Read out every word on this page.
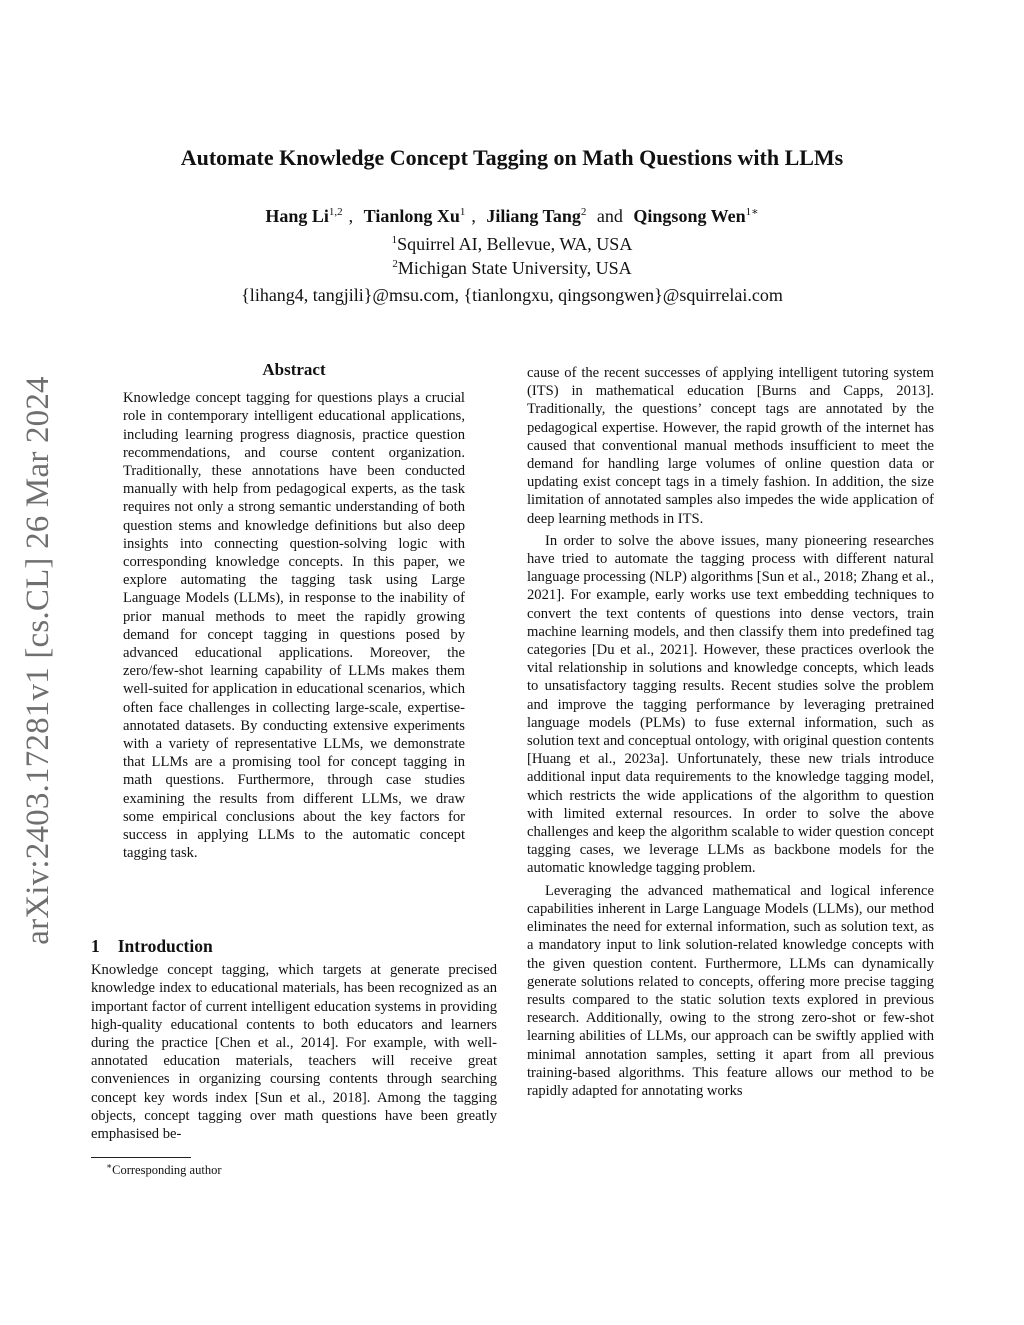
arXiv:2403.17281v1 [cs.CL] 26 Mar 2024
Automate Knowledge Concept Tagging on Math Questions with LLMs
Hang Li$^{1,2}$ , Tianlong Xu$^1$ , Jiliang Tang$^2$ and Qingsong Wen$^{1∗}$
$^1$Squirrel AI, Bellevue, WA, USA
$^2$Michigan State University, USA
{lihang4, tangjili}@msu.com, {tianlongxu, qingsongwen}@squirrelai.com
Abstract

Knowledge concept tagging for questions plays a crucial role in contemporary intelligent educational applications, including learning progress diagnosis, practice question recommendations, and course content organization. Traditionally, these annotations have been conducted manually with help from pedagogical experts, as the task requires not only a strong semantic understanding of both question stems and knowledge definitions but also deep insights into connecting question-solving logic with corresponding knowledge concepts. In this paper, we explore automating the tagging task using Large Language Models (LLMs), in response to the inability of prior manual methods to meet the rapidly growing demand for concept tagging in questions posed by advanced educational applications. Moreover, the zero/few-shot learning capability of LLMs makes them well-suited for application in educational scenarios, which often face challenges in collecting large-scale, expertise-annotated datasets. By conducting extensive experiments with a variety of representative LLMs, we demonstrate that LLMs are a promising tool for concept tagging in math questions. Furthermore, through case studies examining the results from different LLMs, we draw some empirical conclusions about the key factors for success in applying LLMs to the automatic concept tagging task.

1 Introduction

Knowledge concept tagging, which targets at generate precised knowledge index to educational materials, has been recognized as an important factor of current intelligent education systems in providing high-quality educational contents to both educators and learners during the practice [Chen et al., 2014]. For example, with well-annotated education materials, teachers will receive great conveniences in organizing coursing contents through searching concept key words index [Sun et al., 2018]. Among the tagging objects, concept tagging over math questions have been greatly emphasised be-

cause of the recent successes of applying intelligent tutoring system (ITS) in mathematical education [Burns and Capps, 2013]. Traditionally, the questions’ concept tags are annotated by the pedagogical expertise. However, the rapid growth of the internet has caused that conventional manual methods insufficient to meet the demand for handling large volumes of online question data or updating exist concept tags in a timely fashion. In addition, the size limitation of annotated samples also impedes the wide application of deep learning methods in ITS.

In order to solve the above issues, many pioneering researches have tried to automate the tagging process with different natural language processing (NLP) algorithms [Sun et al., 2018; Zhang et al., 2021]. For example, early works use text embedding techniques to convert the text contents of questions into dense vectors, train machine learning models, and then classify them into predefined tag categories [Du et al., 2021]. However, these practices overlook the vital relationship in solutions and knowledge concepts, which leads to unsatisfactory tagging results. Recent studies solve the problem and improve the tagging performance by leveraging pretrained language models (PLMs) to fuse external information, such as solution text and conceptual ontology, with original question contents [Huang et al., 2023a]. Unfortunately, these new trials introduce additional input data requirements to the knowledge tagging model, which restricts the wide applications of the algorithm to question with limited external resources. In order to solve the above challenges and keep the algorithm scalable to wider question concept tagging cases, we leverage LLMs as backbone models for the automatic knowledge tagging problem.

Leveraging the advanced mathematical and logical inference capabilities inherent in Large Language Models (LLMs), our method eliminates the need for external information, such as solution text, as a mandatory input to link solution-related knowledge concepts with the given question content. Furthermore, LLMs can dynamically generate solutions related to concepts, offering more precise tagging results compared to the static solution texts explored in previous research. Additionally, owing to the strong zero-shot or few-shot learning abilities of LLMs, our approach can be swiftly applied with minimal annotation samples, setting it apart from all previous training-based algorithms. This feature allows our method to be rapidly adapted for annotating works

∗Corresponding author
